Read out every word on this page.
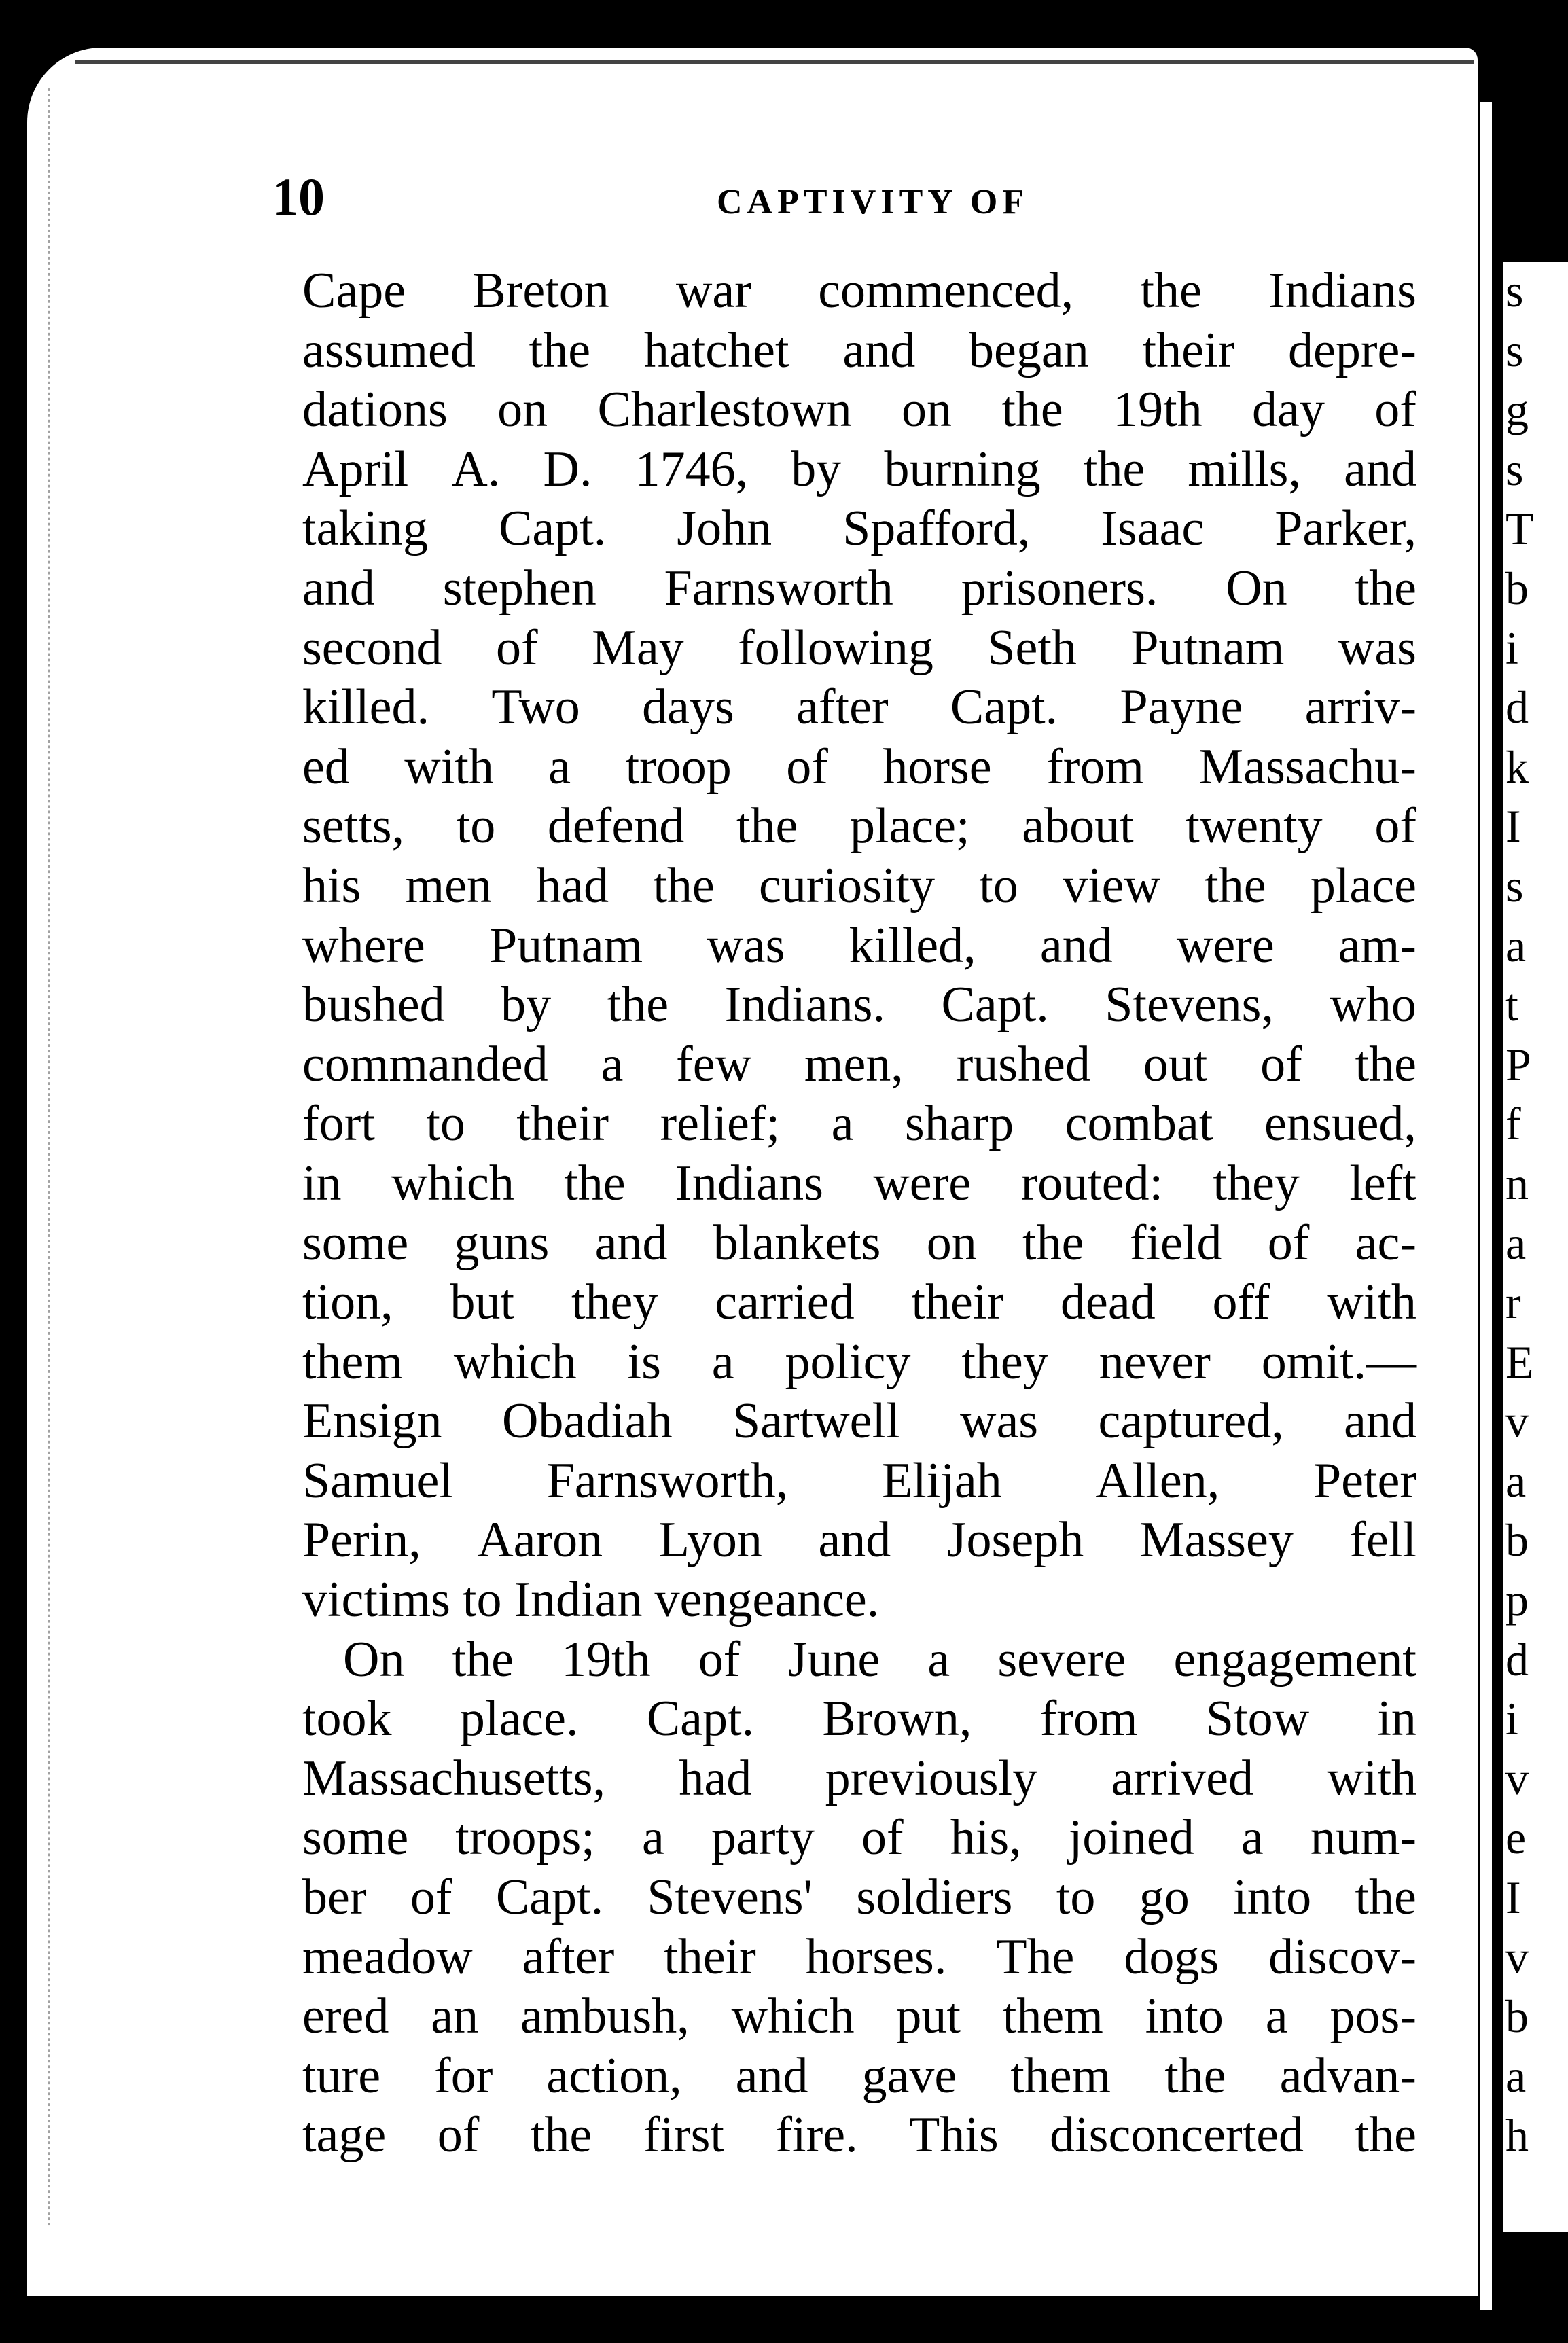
10	CAPTIVITY OF
Cape Breton war commenced, the Indians
assumed the hatchet and began their depre-
dations on Charlestown on the 19th day of
April A. D. 1746, by burning the mills, and
taking Capt. John Spafford, Isaac Parker,
and stephen Farnsworth prisoners. On the
second of May following Seth Putnam was
killed. Two days after Capt. Payne arriv-
ed with a troop of horse from Massachu-
setts, to defend the place; about twenty of
his men had the curiosity to view the place
where Putnam was killed, and were am-
bushed by the Indians. Capt. Stevens, who
commanded a few men, rushed out of the
fort to their relief; a sharp combat ensued,
in which the Indians were routed: they left
some guns and blankets on the field of ac-
tion, but they carried their dead off with
them which is a policy they never omit.—
Ensign Obadiah Sartwell was captured, and
Samuel Farnsworth, Elijah Allen, Peter
Perin, Aaron Lyon and Joseph Massey fell
victims to Indian vengeance.
On the 19th of June a severe engagement
took place. Capt. Brown, from Stow in
Massachusetts, had previously arrived with
some troops; a party of his, joined a num-
ber of Capt. Stevens' soldiers to go into the
meadow after their horses. The dogs discov-
ered an ambush, which put them into a pos-
ture for action, and gave them the advan-
tage of the first fire. This disconcerted the
s
s
g
s
T
b
i
d
k
I
s
a
t
P
f
n
a
r
E
v
a
b
p
d
i
v
e
I
v
b
a
h
